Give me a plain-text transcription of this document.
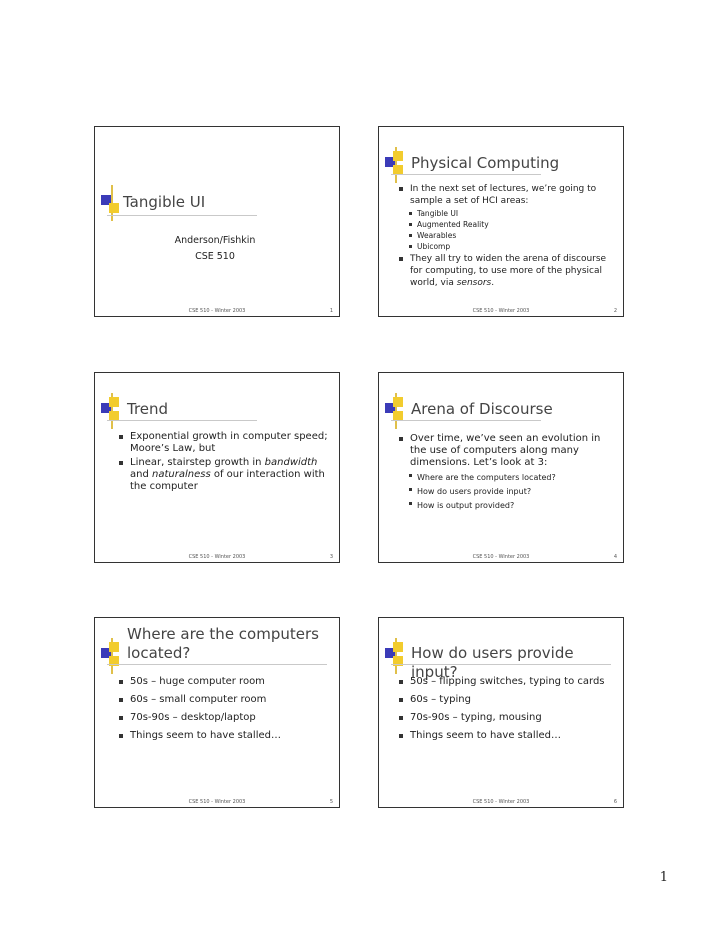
Tangible UI
Anderson/Fishkin
CSE 510
CSE 510 - Winter 2003	1
Physical Computing
In the next set of lectures, we’re going to sample a set of HCI areas:
Tangible UI
Augmented Reality
Wearables
Ubicomp
They all try to widen the arena of discourse for computing, to use more of the physical world, via sensors.
CSE 510 - Winter 2003	2
Trend
Exponential growth in computer speed; Moore’s Law, but
Linear, stairstep growth in bandwidth and naturalness of our interaction with the computer
CSE 510 - Winter 2003	3
Arena of Discourse
Over time, we’ve seen an evolution in the use of computers along many dimensions. Let’s look at 3:
Where are the computers located?
How do users provide input?
How is output provided?
CSE 510 - Winter 2003	4
Where are the computers
located?
50s – huge computer room
60s – small computer room
70s-90s – desktop/laptop
Things seem to have stalled…
CSE 510 - Winter 2003	5
How do users provide input?
50s – flipping switches, typing to cards
60s – typing
70s-90s – typing, mousing
Things seem to have stalled…
CSE 510 - Winter 2003	6
1
